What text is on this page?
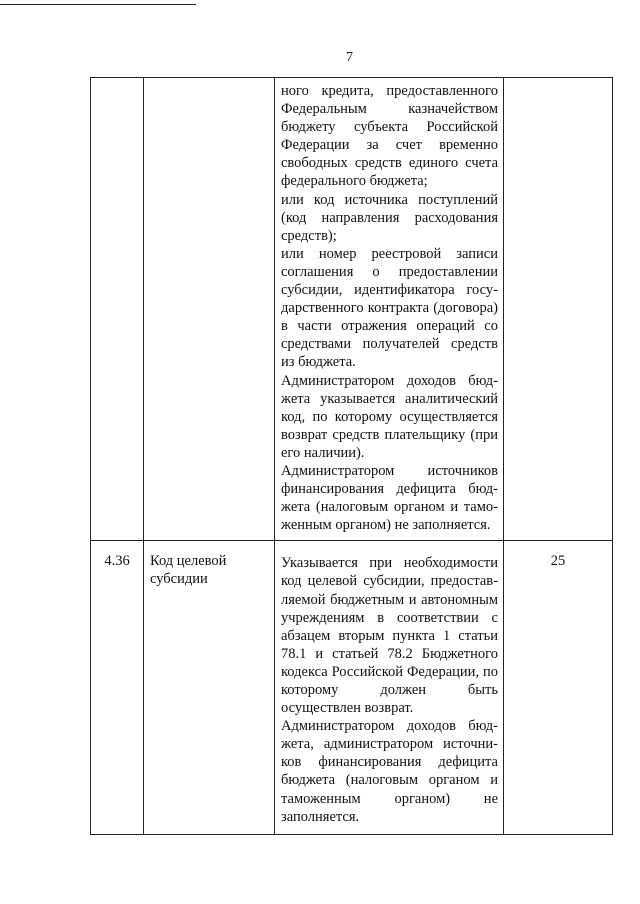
7

		ного кредита, предоставленного Федеральным казначейством бюджету субъекта Российской Федерации за счет временно свободных средств единого счета федерального бюджета;

или код источника поступлений (код направления расходования средств);

или номер реестровой записи соглашения о предоставлении субсидии, идентификатора государственного контракта (договора) в части отражения операций со средствами получателей средств из бюджета.

Администратором доходов бюджета указывается аналитический код, по которому осуществляется возврат средств плательщику (при его наличии).

Администратором источников финансирования дефицита бюджета (налоговым органом и таможенным органом) не заполняется.	

4.36	Код целевой субсидии	Указывается при необходимости код целевой субсидии, предоставляемой бюджетным и автономным учреждениям в соответствии с абзацем вторым пункта 1 статьи 78.1 и статьей 78.2 Бюджетного кодекса Российской Федерации, по которому должен быть осуществлен возврат.

Администратором доходов бюджета, администратором источников финансирования дефицита бюджета (налоговым органом и таможенным органом) не заполняется.	25
